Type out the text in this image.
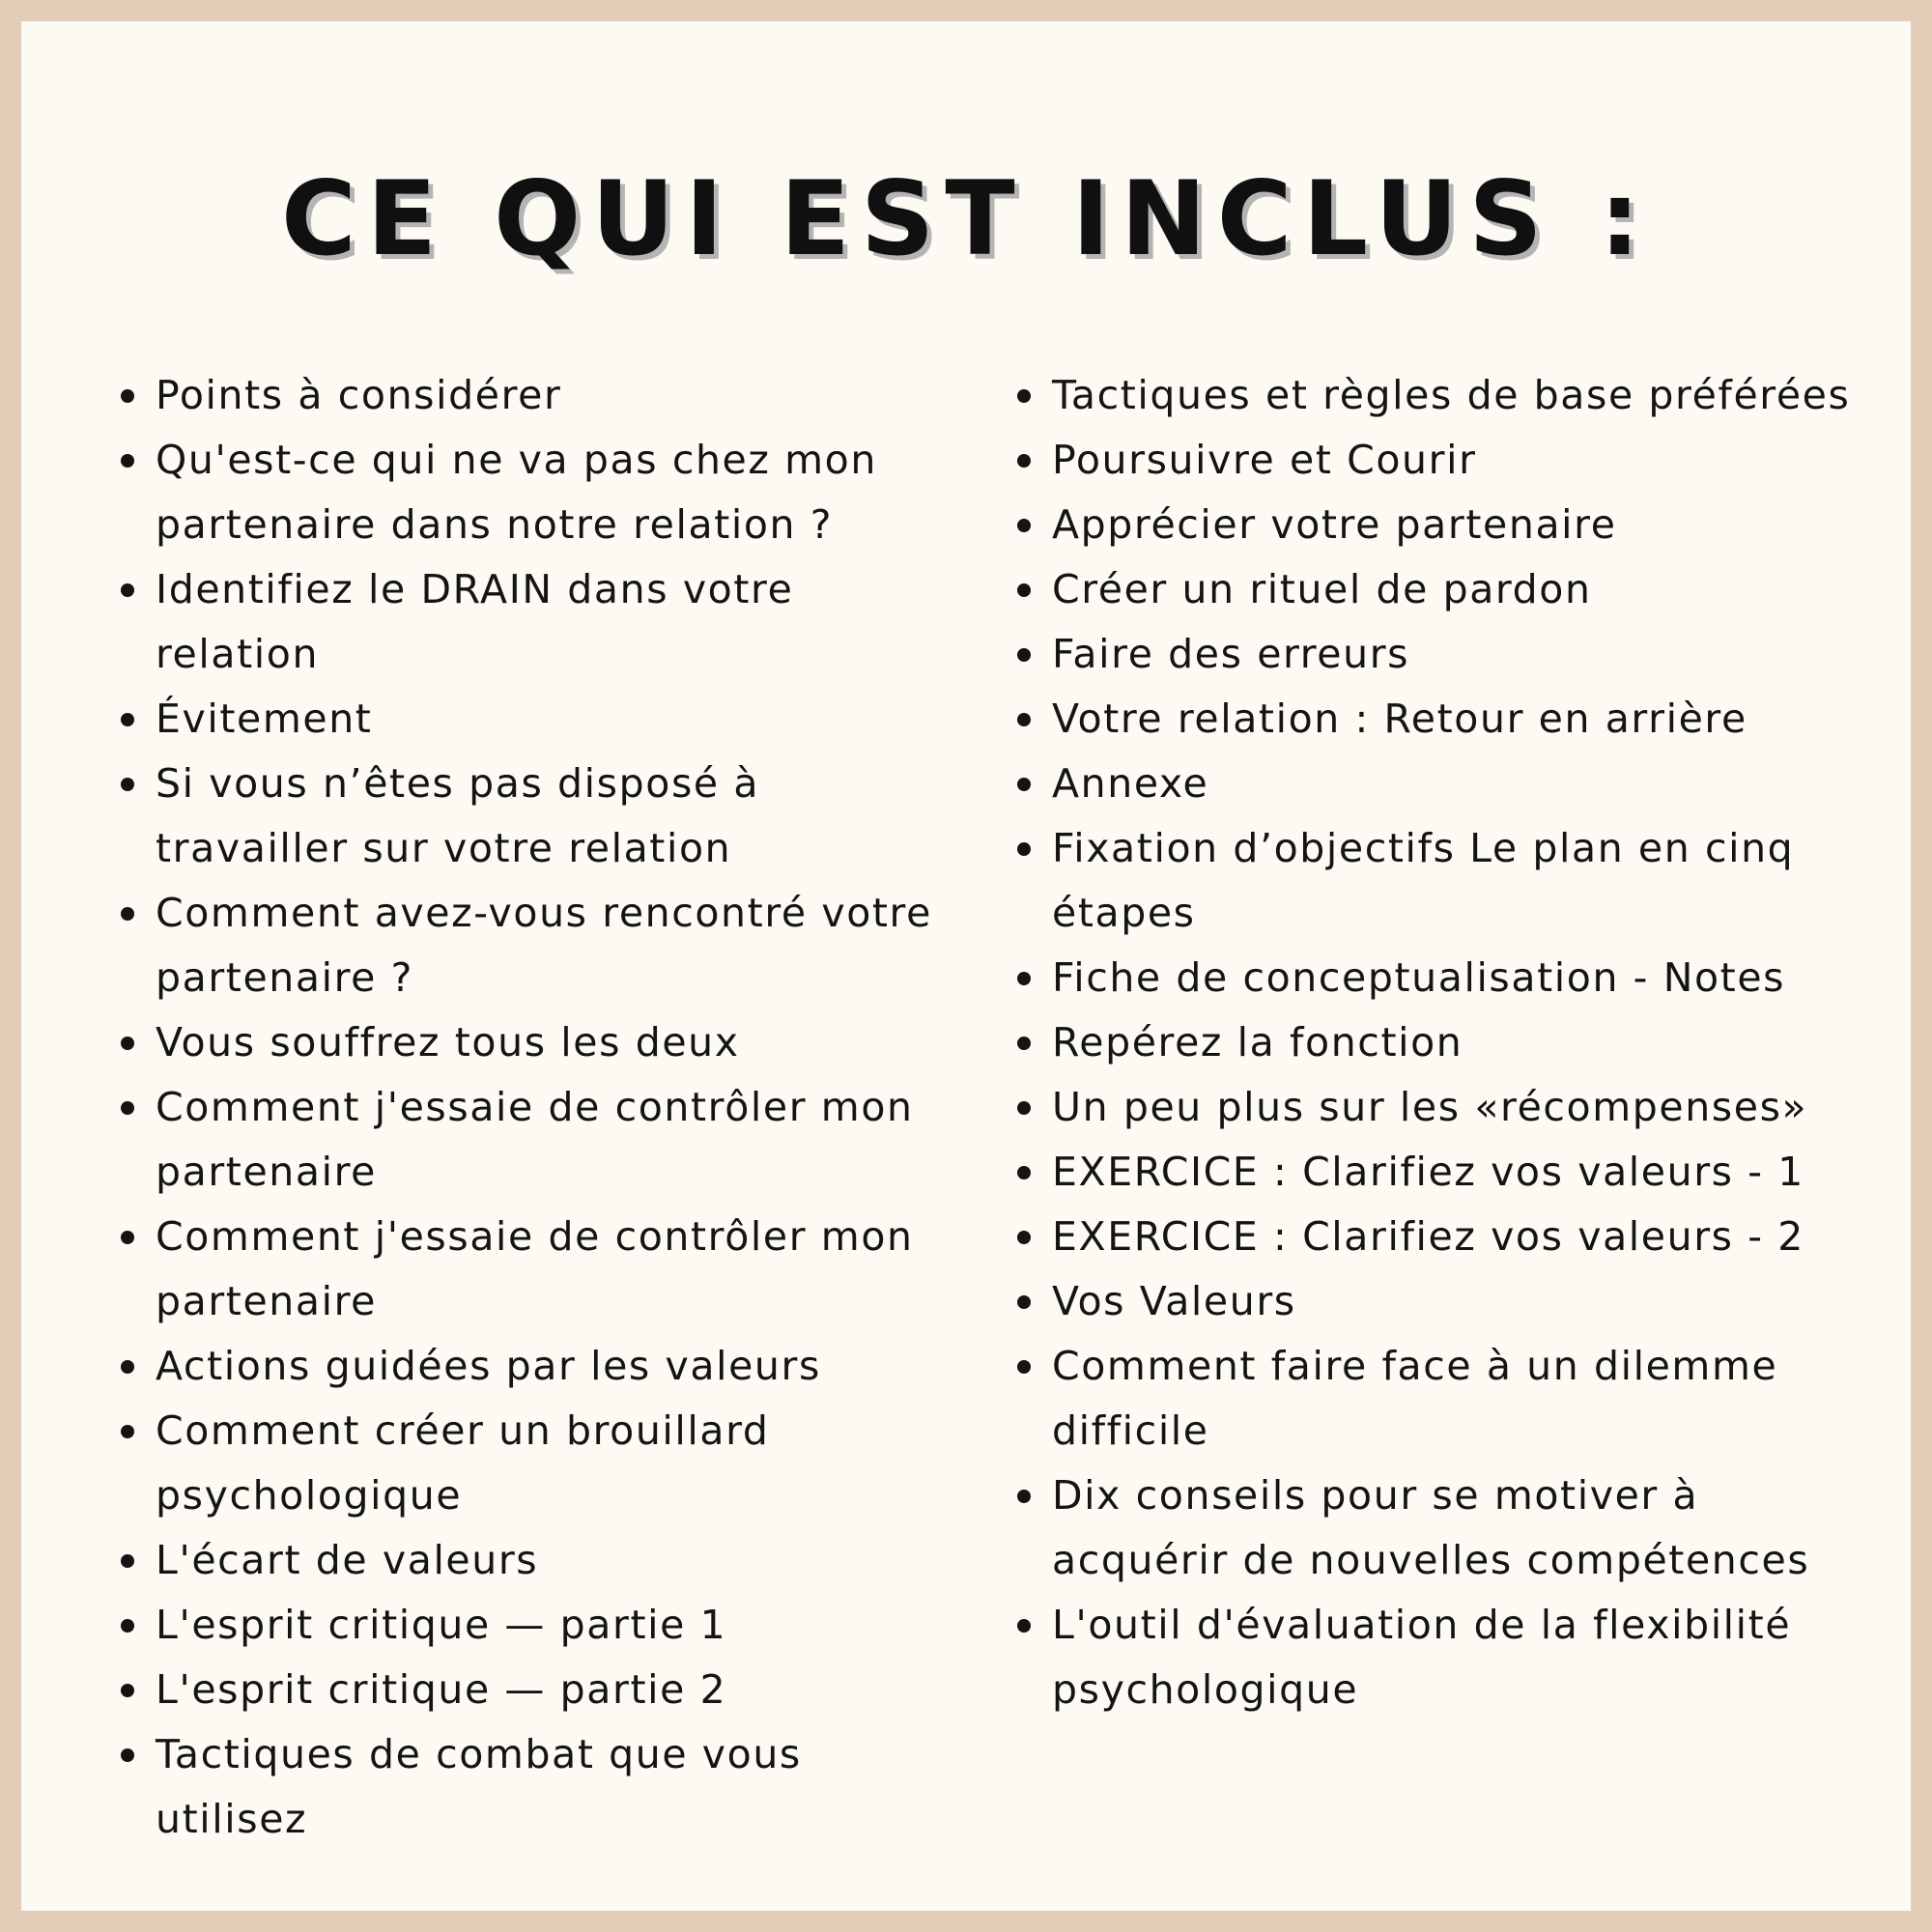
CE QUI EST INCLUS :
Points à considérer
Qu'est-ce qui ne va pas chez mon partenaire dans notre relation ?
Identifiez le DRAIN dans votre relation
Évitement
Si vous n’êtes pas disposé à travailler sur votre relation
Comment avez-vous rencontré votre partenaire ?
Vous souffrez tous les deux
Comment j'essaie de contrôler mon partenaire
Comment j'essaie de contrôler mon partenaire
Actions guidées par les valeurs
Comment créer un brouillard psychologique
L'écart de valeurs
L'esprit critique — partie 1
L'esprit critique — partie 2
Tactiques de combat que vous utilisez
Tactiques et règles de base préférées
Poursuivre et Courir
Apprécier votre partenaire
Créer un rituel de pardon
Faire des erreurs
Votre relation : Retour en arrière
Annexe
Fixation d’objectifs Le plan en cinq étapes
Fiche de conceptualisation - Notes
Repérez la fonction
Un peu plus sur les «récompenses»
EXERCICE : Clarifiez vos valeurs - 1
EXERCICE : Clarifiez vos valeurs - 2
Vos Valeurs
Comment faire face à un dilemme difficile
Dix conseils pour se motiver à acquérir de nouvelles compétences
L'outil d'évaluation de la flexibilité psychologique
